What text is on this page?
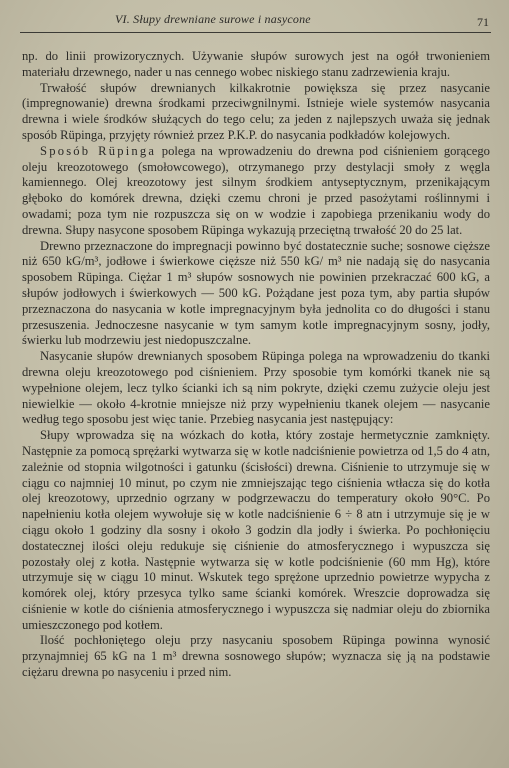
VI. Słupy drewniane surowe i nasycone	71

np. do linii prowizorycznych. Używanie słupów surowych jest na ogół trwonieniem materiału drzewnego, nader u nas cennego wobec niskiego stanu zadrzewienia kraju.

Trwałość słupów drewnianych kilkakrotnie powiększa się przez nasycanie (impregnowanie) drewna środkami przeciwgnilnymi. Istnieje wiele systemów nasycania drewna i wiele środków służących do tego celu; za jeden z najlepszych uważa się jednak sposób Rüpinga, przyjęty również przez P.K.P. do nasycania podkładów kolejowych.

Sposób Rüpinga polega na wprowadzeniu do drewna pod ciśnieniem gorącego oleju kreozotowego (smołowcowego), otrzymanego przy destylacji smoły z węgla kamiennego. Olej kreozotowy jest silnym środkiem antyseptycznym, przenikającym głęboko do komórek drewna, dzięki czemu chroni je przed pasożytami roślinnymi i owadami; poza tym nie rozpuszcza się on w wodzie i zapobiega przenikaniu wody do drewna. Słupy nasycone sposobem Rüpinga wykazują przeciętną trwałość 20 do 25 lat.

Drewno przeznaczone do impregnacji powinno być dostatecznie suche; sosnowe cięższe niż 650 kG/m³, jodłowe i świerkowe cięższe niż 550 kG/ m³ nie nadają się do nasycania sposobem Rüpinga. Ciężar 1 m³ słupów sosnowych nie powinien przekraczać 600 kG, a słupów jodłowych i świerkowych — 500 kG. Pożądane jest poza tym, aby partia słupów przeznaczona do nasycania w kotle impregnacyjnym była jednolita co do długości i stanu przesuszenia. Jednoczesne nasycanie w tym samym kotle impregnacyjnym sosny, jodły, świerku lub modrzewiu jest niedopuszczalne.

Nasycanie słupów drewnianych sposobem Rüpinga polega na wprowadzeniu do tkanki drewna oleju kreozotowego pod ciśnieniem. Przy sposobie tym komórki tkanek nie są wypełnione olejem, lecz tylko ścianki ich są nim pokryte, dzięki czemu zużycie oleju jest niewielkie — około 4-krotnie mniejsze niż przy wypełnieniu tkanek olejem — nasycanie według tego sposobu jest więc tanie. Przebieg nasycania jest następujący:

Słupy wprowadza się na wózkach do kotła, który zostaje hermetycznie zamknięty. Następnie za pomocą sprężarki wytwarza się w kotle nadciśnienie powietrza od 1,5 do 4 atn, zależnie od stopnia wilgotności i gatunku (ścisłości) drewna. Ciśnienie to utrzymuje się w ciągu co najmniej 10 minut, po czym nie zmniejszając tego ciśnienia wtłacza się do kotła olej kreozotowy, uprzednio ogrzany w podgrzewaczu do temperatury około 90°C. Po napełnieniu kotła olejem wywołuje się w kotle nadciśnienie 6 ÷ 8 atn i utrzymuje się je w ciągu około 1 godziny dla sosny i około 3 godzin dla jodły i świerka. Po pochłonięciu dostatecznej ilości oleju redukuje się ciśnienie do atmosferycznego i wypuszcza się pozostały olej z kotła. Następnie wytwarza się w kotle podciśnienie (60 mm Hg), które utrzymuje się w ciągu 10 minut. Wskutek tego sprężone uprzednio powietrze wypycha z komórek olej, który przesyca tylko same ścianki komórek. Wreszcie doprowadza się ciśnienie w kotle do ciśnienia atmosferycznego i wypuszcza się nadmiar oleju do zbiornika umieszczonego pod kotłem.

Ilość pochłoniętego oleju przy nasycaniu sposobem Rüpinga powinna wynosić przynajmniej 65 kG na 1 m³ drewna sosnowego słupów; wyznacza się ją na podstawie ciężaru drewna po nasyceniu i przed nim.
